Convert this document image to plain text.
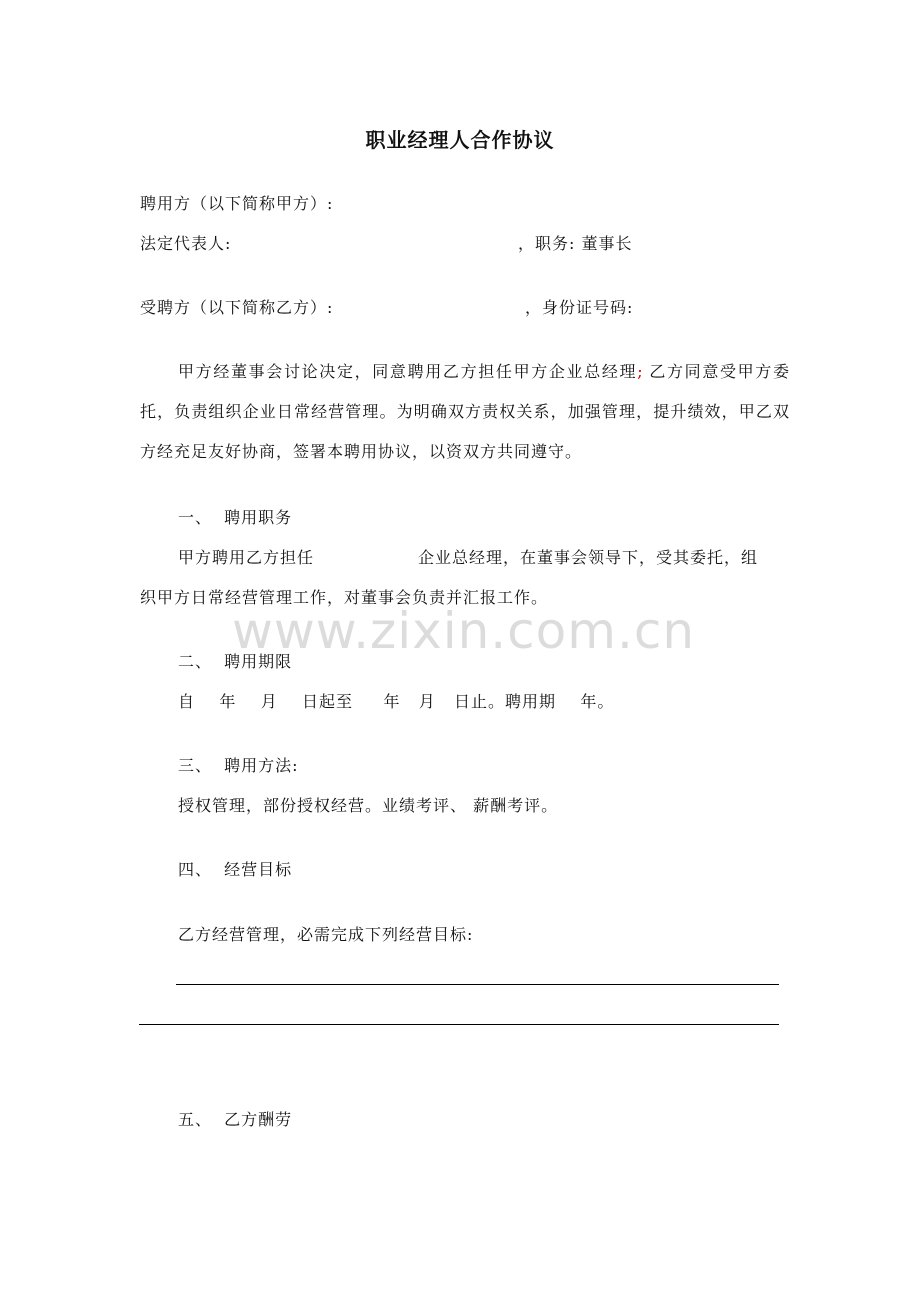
www.zixin.com.cn
职业经理人合作协议
聘用方（以下简称甲方）:
法定代表人:	，职务: 董事长
受聘方（以下简称乙方）:	，身份证号码:
甲方经董事会讨论决定，同意聘用乙方担任甲方企业总经理; 乙方同意受甲方委托，负责组织企业日常经营管理。为明确双方责权关系，加强管理，提升绩效，甲乙双方经充足友好协商，签署本聘用协议，以资双方共同遵守。
一、  聘用职务
甲方聘用乙方担任	企业总经理，在董事会领导下，受其委托，组
织甲方日常经营管理工作，对董事会负责并汇报工作。
二、  聘用期限
自    年    月    日起至     年   月   日止。聘用期    年。
三、  聘用方法:
授权管理，部份授权经营。业绩考评、 薪酬考评。
四、  经营目标
乙方经营管理，必需完成下列经营目标:
五、  乙方酬劳
